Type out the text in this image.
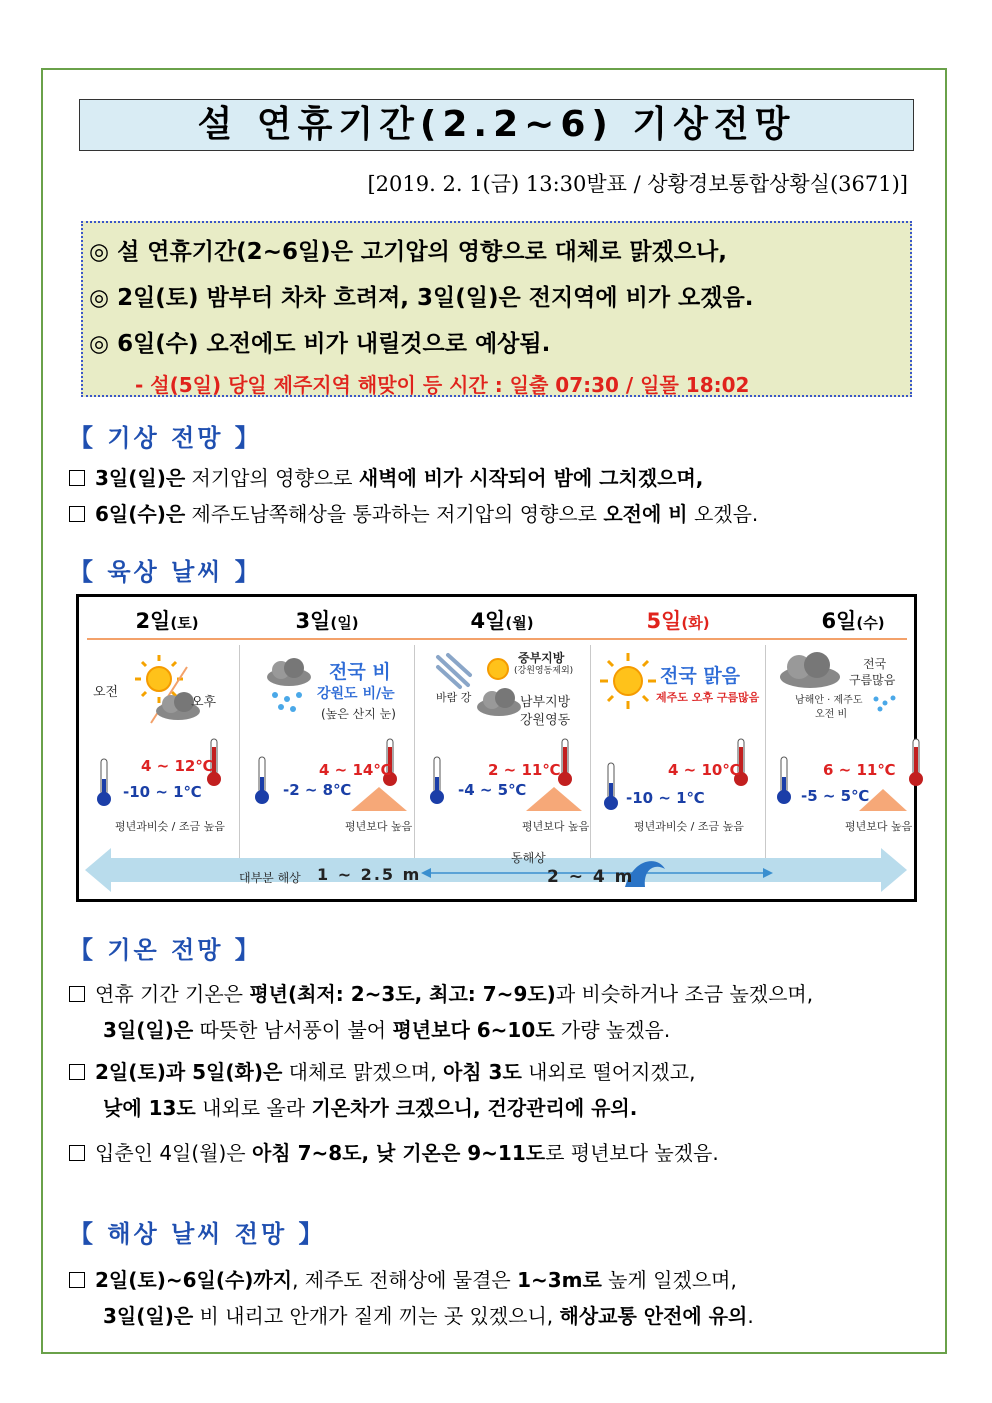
설 연휴기간(2.2~6) 기상전망
[2019. 2. 1(금) 13:30발표 / 상황경보통합상황실(3671)]
◎ 설 연휴기간(2~6일)은 고기압의 영향으로 대체로 맑겠으나,
◎ 2일(토) 밤부터 차차 흐려져, 3일(일)은 전지역에 비가 오겠음.
◎ 6일(수) 오전에도 비가 내릴것으로 예상됨.
- 설(5일) 당일 제주지역 해맞이 등 시간 : 일출 07:30 / 일몰 18:02
【 기상 전망 】
3일(일)은 저기압의 영향으로 새벽에 비가 시작되어 밤에 그치겠으며,
6일(수)은 제주도남쪽해상을 통과하는 저기압의 영향으로 오전에 비 오겠음.
【 육상 날씨 】
2일(토)
오전
오후
4 ~ 12℃
-10 ~ 1℃
평년과비슷 / 조금 높음
3일(일)
전국 비
강원도 비/눈
(높은 산지 눈)
4 ~ 14℃
-2 ~ 8℃
평년보다 높음
4일(월)
중부지방
(강원영동제외)
바람 강	남부지방
강원영동
2 ~ 11℃
-4 ~ 5℃
평년보다 높음
5일(화)
전국 맑음
제주도 오후 구름많음
4 ~ 10℃
-10 ~ 1℃
평년과비슷 / 조금 높음
6일(수)
전국
구름많음
남해안 · 제주도
오전 비
6 ~ 11℃
-5 ~ 5℃
평년보다 높음
대부분 해상 1 ~ 2.5 m
동해상
2 ~ 4 m
【 기온 전망 】
연휴 기간 기온은 평년(최저: 2~3도, 최고: 7~9도)과 비슷하거나 조금 높겠으며,
3일(일)은 따뜻한 남서풍이 불어 평년보다 6~10도 가량 높겠음.
2일(토)과 5일(화)은 대체로 맑겠으며, 아침 3도 내외로 떨어지겠고,
낮에 13도 내외로 올라 기온차가 크겠으니, 건강관리에 유의.
입춘인 4일(월)은 아침 7~8도, 낮 기온은 9~11도로 평년보다 높겠음.
【 해상 날씨 전망 】
2일(토)~6일(수)까지, 제주도 전해상에 물결은 1~3m로 높게 일겠으며,
3일(일)은 비 내리고 안개가 짙게 끼는 곳 있겠으니, 해상교통 안전에 유의.
